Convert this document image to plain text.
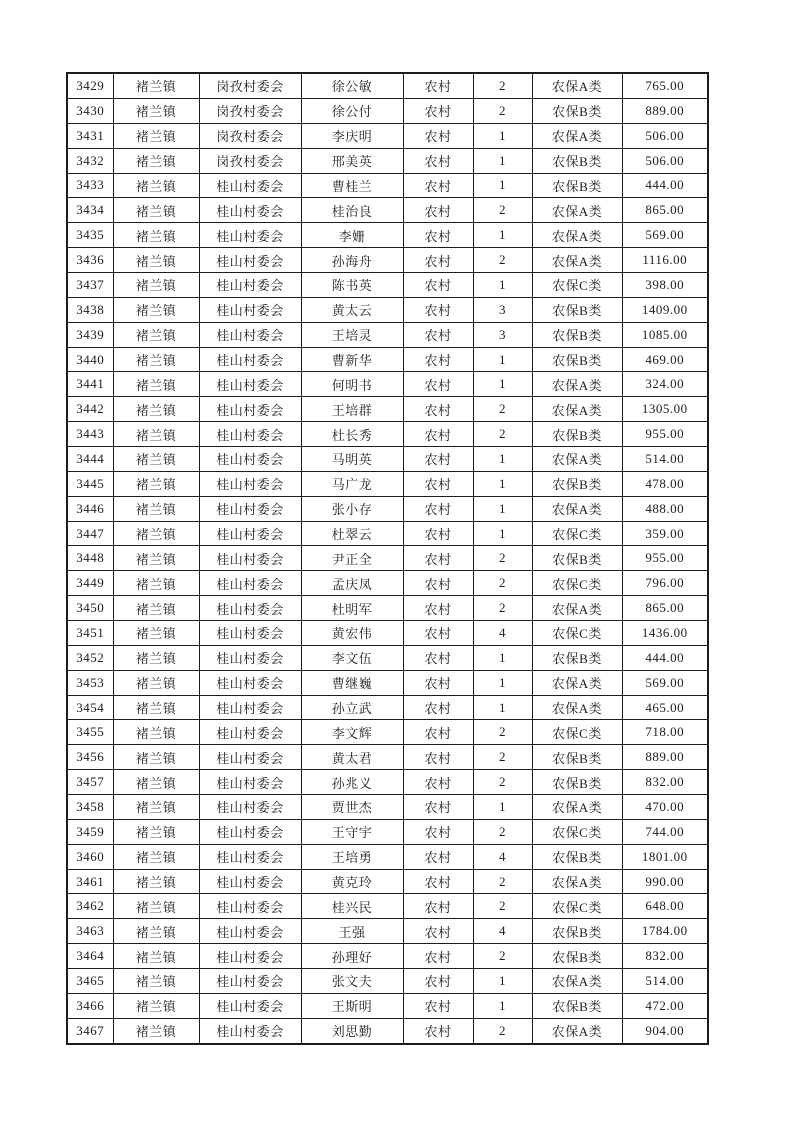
3429	褚兰镇	岗孜村委会	徐公敏	农村	2	农保A类	765.00
3430	褚兰镇	岗孜村委会	徐公付	农村	2	农保B类	889.00
3431	褚兰镇	岗孜村委会	李庆明	农村	1	农保A类	506.00
3432	褚兰镇	岗孜村委会	邢美英	农村	1	农保B类	506.00
3433	褚兰镇	桂山村委会	曹桂兰	农村	1	农保B类	444.00
3434	褚兰镇	桂山村委会	桂治良	农村	2	农保A类	865.00
3435	褚兰镇	桂山村委会	李姗	农村	1	农保A类	569.00
3436	褚兰镇	桂山村委会	孙海舟	农村	2	农保A类	1116.00
3437	褚兰镇	桂山村委会	陈书英	农村	1	农保C类	398.00
3438	褚兰镇	桂山村委会	黄太云	农村	3	农保B类	1409.00
3439	褚兰镇	桂山村委会	王培灵	农村	3	农保B类	1085.00
3440	褚兰镇	桂山村委会	曹新华	农村	1	农保B类	469.00
3441	褚兰镇	桂山村委会	何明书	农村	1	农保A类	324.00
3442	褚兰镇	桂山村委会	王培群	农村	2	农保A类	1305.00
3443	褚兰镇	桂山村委会	杜长秀	农村	2	农保B类	955.00
3444	褚兰镇	桂山村委会	马明英	农村	1	农保A类	514.00
3445	褚兰镇	桂山村委会	马广龙	农村	1	农保B类	478.00
3446	褚兰镇	桂山村委会	张小存	农村	1	农保A类	488.00
3447	褚兰镇	桂山村委会	杜翠云	农村	1	农保C类	359.00
3448	褚兰镇	桂山村委会	尹正全	农村	2	农保B类	955.00
3449	褚兰镇	桂山村委会	孟庆凤	农村	2	农保C类	796.00
3450	褚兰镇	桂山村委会	杜明军	农村	2	农保A类	865.00
3451	褚兰镇	桂山村委会	黄宏伟	农村	4	农保C类	1436.00
3452	褚兰镇	桂山村委会	李文伍	农村	1	农保B类	444.00
3453	褚兰镇	桂山村委会	曹继巍	农村	1	农保A类	569.00
3454	褚兰镇	桂山村委会	孙立武	农村	1	农保A类	465.00
3455	褚兰镇	桂山村委会	李文辉	农村	2	农保C类	718.00
3456	褚兰镇	桂山村委会	黄太君	农村	2	农保B类	889.00
3457	褚兰镇	桂山村委会	孙兆义	农村	2	农保B类	832.00
3458	褚兰镇	桂山村委会	贾世杰	农村	1	农保A类	470.00
3459	褚兰镇	桂山村委会	王守宇	农村	2	农保C类	744.00
3460	褚兰镇	桂山村委会	王培勇	农村	4	农保B类	1801.00
3461	褚兰镇	桂山村委会	黄克玲	农村	2	农保A类	990.00
3462	褚兰镇	桂山村委会	桂兴民	农村	2	农保C类	648.00
3463	褚兰镇	桂山村委会	王强	农村	4	农保B类	1784.00
3464	褚兰镇	桂山村委会	孙理好	农村	2	农保B类	832.00
3465	褚兰镇	桂山村委会	张文夫	农村	1	农保A类	514.00
3466	褚兰镇	桂山村委会	王斯明	农村	1	农保B类	472.00
3467	褚兰镇	桂山村委会	刘思勤	农村	2	农保A类	904.00
